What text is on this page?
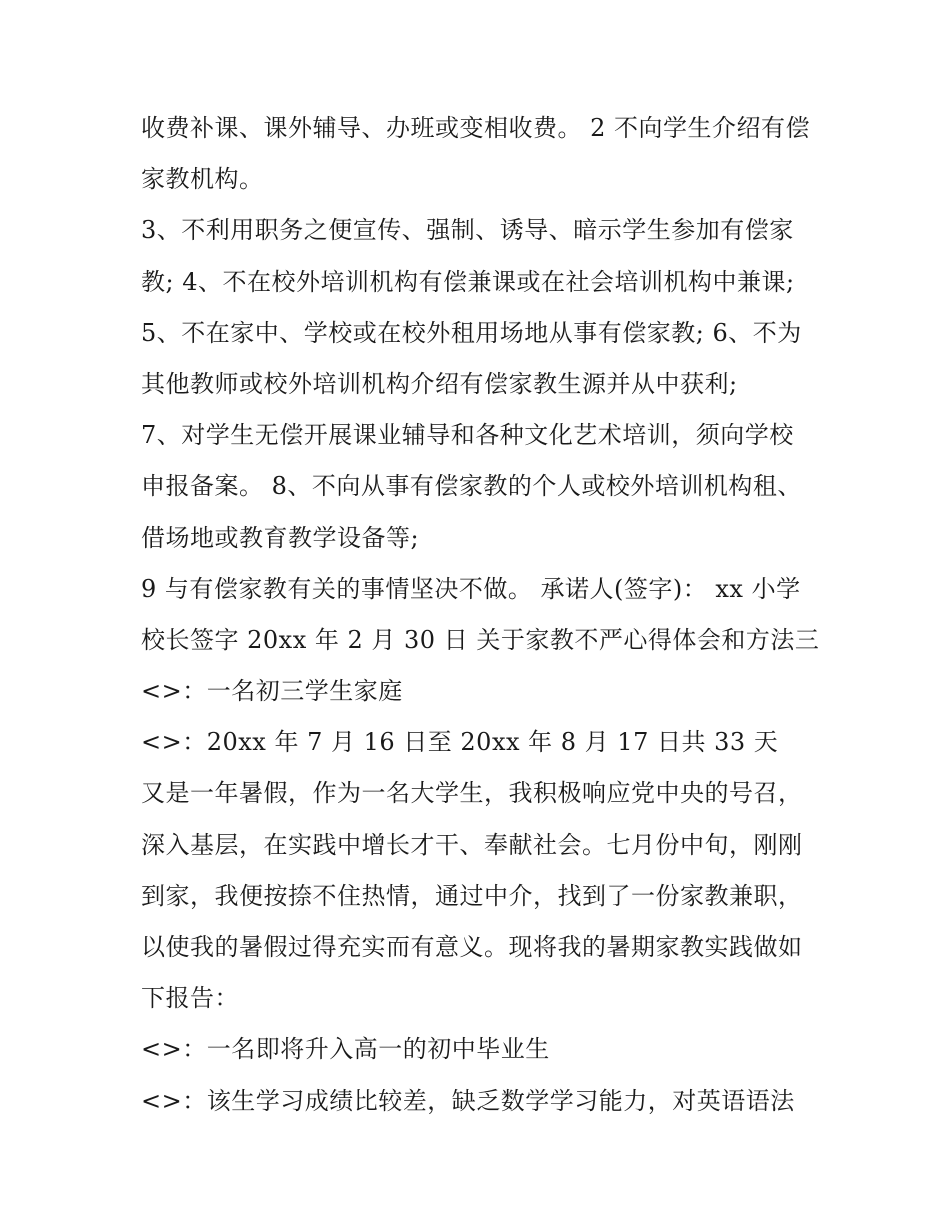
收费补课、课外辅导、办班或变相收费。 2 不向学生介绍有偿
家教机构。
3、不利用职务之便宣传、强制、诱导、暗示学生参加有偿家
教; 4、不在校外培训机构有偿兼课或在社会培训机构中兼课;
5、不在家中、学校或在校外租用场地从事有偿家教; 6、不为
其他教师或校外培训机构介绍有偿家教生源并从中获利;
7、对学生无偿开展课业辅导和各种文化艺术培训，须向学校
申报备案。 8、不向从事有偿家教的个人或校外培训机构租、
借场地或教育教学设备等;
9 与有偿家教有关的事情坚决不做。 承诺人(签字)： xx 小学
校长签字 20xx 年 2 月 30 日 关于家教不严心得体会和方法三
<>：一名初三学生家庭
<>：20xx 年 7 月 16 日至 20xx 年 8 月 17 日共 33 天
又是一年暑假，作为一名大学生，我积极响应党中央的号召，
深入基层，在实践中增长才干、奉献社会。七月份中旬，刚刚
到家，我便按捺不住热情，通过中介，找到了一份家教兼职，
以使我的暑假过得充实而有意义。现将我的暑期家教实践做如
下报告：
<>：一名即将升入高一的初中毕业生
<>：该生学习成绩比较差，缺乏数学学习能力，对英语语法
